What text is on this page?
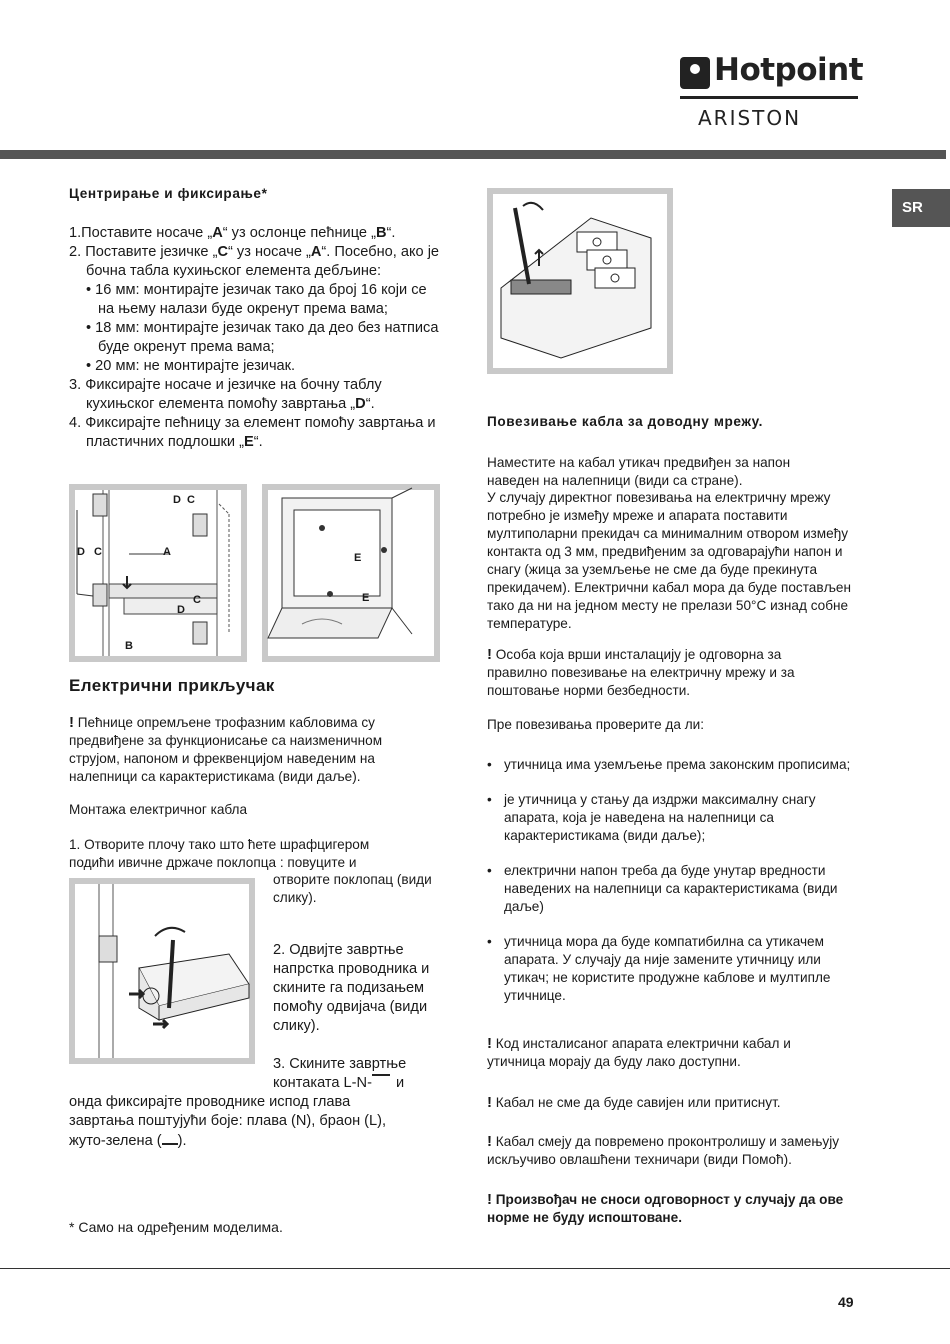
Hotpoint
ARISTON
SR
Центрирање и фиксирање*
1.Поставите носаче „A“ уз ослонце пећнице „B“.
2. Поставите језичке „C“ уз носаче „A“. Посебно, ако је бочна табла кухињског елемента дебљине:
• 16 мм: монтирајте језичак тако да број 16 који се на њему налази буде окренут према вама;
• 18 мм: монтирајте језичак тако да део без натписа буде окренут према вама;
• 20 мм: не монтирајте језичак.
3. Фиксирајте носаче и језичке на бочну таблу кухињског елемента помоћу завртања „D“.
4. Фиксирајте пећницу за елемент помоћу завртања и пластичних подлошки „E“.
D C
D C	A
C
D
B
E
E
Електрични прикључак
! Пећнице опремљене трофазним кабловима су предвиђене за функционисање са наизменичном струјом, напоном и фреквенцијом наведеним на налепници са карактеристикама (види даље).
Монтажа електричног кабла
1. Отворите плочу тако што ћете шрафцигером подићи ивичне држаче поклопца : повуците и
отворите поклопац (види слику).
2. Одвијте завртње напрстка проводника и скините га подизањем помоћу одвијача (види слику).
3. Скините завртње контаката L-N- и
онда фиксирајте проводнике испод глава завртања поштујући боје: плава (N), браон (L), жуто-зелена ( ).
* Само на одређеним моделима.
Повезивање кабла за доводну мрежу.
Наместите на кабал утикач предвиђен за напон наведен на налепници (види са стране).
У случају директног повезивања на електричну мрежу потребно је између мреже и апарата поставити мултиполарни прекидач са минималним отвором између контакта од 3 мм, предвиђеним за одговарајући напон и снагу (жица за уземљење не сме да буде прекинута прекидачем). Електрични кабал мора да буде постављен тако да ни на једном месту не прелази 50°C изнад собне температуре.
! Особа која врши инсталацију је одговорна за правилно повезивање на електричну мрежу и за поштовање норми безбедности.
Пре повезивања проверите да ли:
• утичница има уземљење према законским прописима;
• је утичница у стању да издржи максималну снагу апарата, која је наведена на налепници са карактеристикама (види даље);
• електрични напон треба да буде унутар вредности наведених на налепници са карактеристикама (види даље)
• утичница мора да буде компатибилна са утикачем апарата. У случају да није замените утичницу или утикач; не користите продужне каблове и мултипле утичнице.
! Код инсталисаног апарата електрични кабал и утичница морају да буду лако доступни.
! Кабал не сме да буде савијен или притиснут.
! Кабал смеју да повремено проконтролишу и замењују искључиво овлашћени техничари (види Помоћ).
! Произвођач не сноси одговорност у случају да ове норме не буду испоштоване.
49
